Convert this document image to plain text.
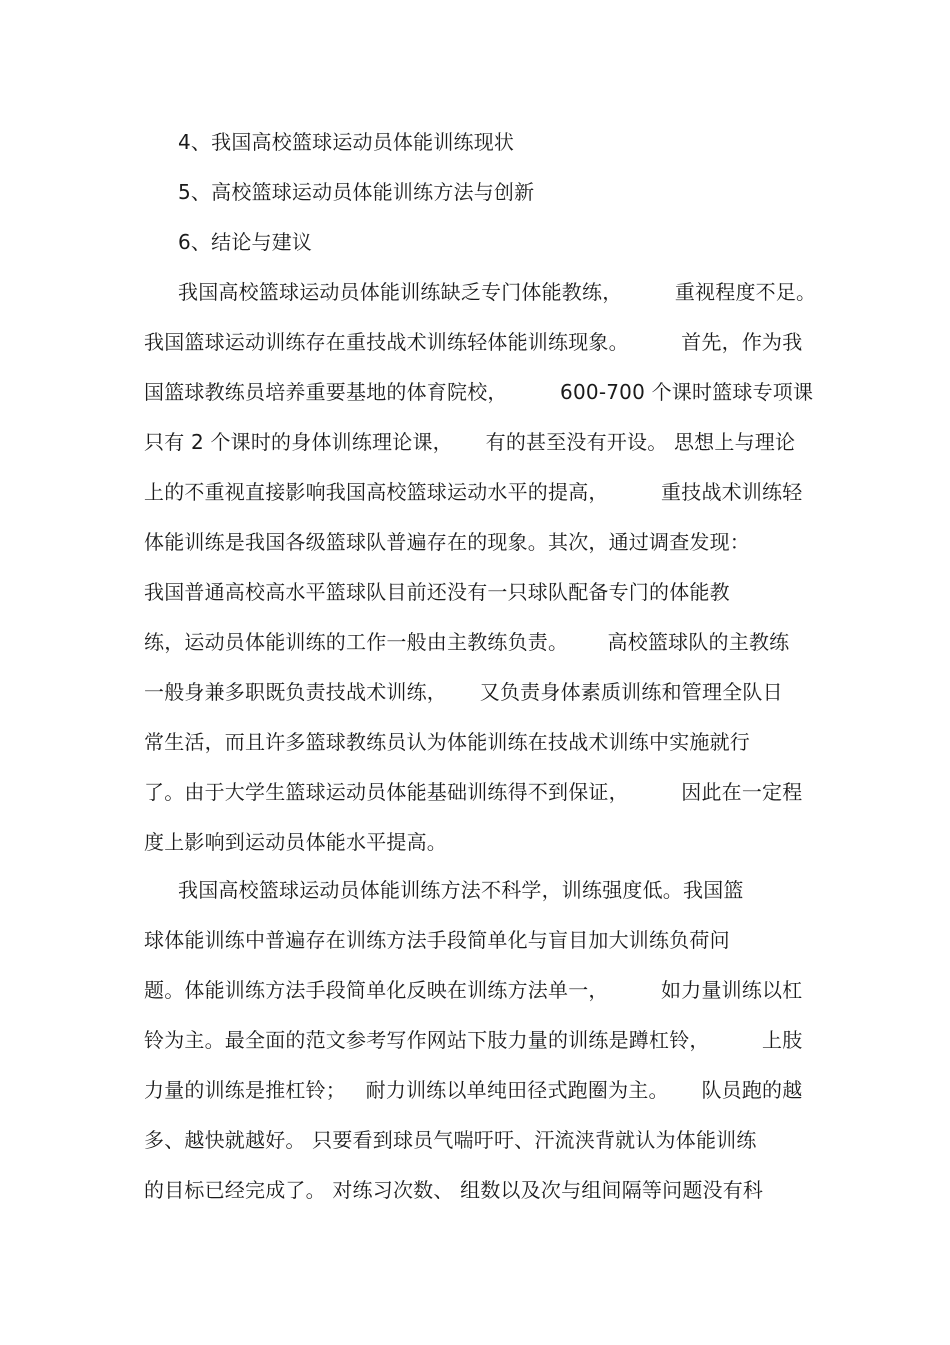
4、我国高校篮球运动员体能训练现状

5、高校篮球运动员体能训练方法与创新

6、结论与建议

我国高校篮球运动员体能训练缺乏专门体能教练，        重视程度不足。

我国篮球运动训练存在重技战术训练轻体能训练现象。        首先，作为我

国篮球教练员培养重要基地的体育院校，        600-700 个课时篮球专项课

只有 2 个课时的身体训练理论课，     有的甚至没有开设。 思想上与理论

上的不重视直接影响我国高校篮球运动水平的提高，        重技战术训练轻

体能训练是我国各级篮球队普遍存在的现象。其次，通过调查发现：

我国普通高校高水平篮球队目前还没有一只球队配备专门的体能教

练，运动员体能训练的工作一般由主教练负责。      高校篮球队的主教练

一般身兼多职既负责技战术训练，     又负责身体素质训练和管理全队日

常生活，而且许多篮球教练员认为体能训练在技战术训练中实施就行

了。由于大学生篮球运动员体能基础训练得不到保证，        因此在一定程

度上影响到运动员体能水平提高。

我国高校篮球运动员体能训练方法不科学，训练强度低。我国篮

球体能训练中普遍存在训练方法手段简单化与盲目加大训练负荷问

题。体能训练方法手段简单化反映在训练方法单一，        如力量训练以杠

铃为主。最全面的范文参考写作网站下肢力量的训练是蹲杠铃，        上肢

力量的训练是推杠铃；   耐力训练以单纯田径式跑圈为主。     队员跑的越

多、越快就越好。 只要看到球员气喘吁吁、汗流浃背就认为体能训练

的目标已经完成了。 对练习次数、 组数以及次与组间隔等问题没有科
